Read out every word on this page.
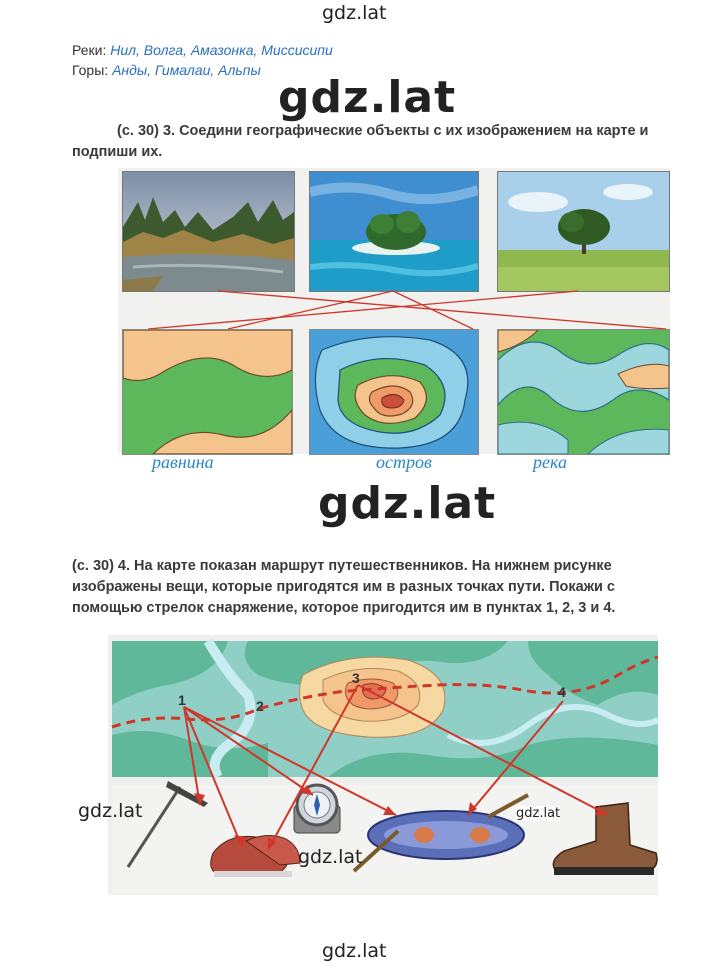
gdz.lat
gdz.lat
gdz.lat
gdz.lat
Реки: Нил, Волга, Амазонка, Миссисипи
Горы: Анды, Гималаи, Альпы
(с. 30) 3. Соедини географические объекты с их изображением на карте и подпиши их.
равнина	остров	река
(с. 30) 4. На карте показан маршрут путешественников. На нижнем рисунке
изображены вещи, которые пригодятся им в разных точках пути. Покажи с
помощью стрелок снаряжение, которое пригодится им в пунктах 1, 2, 3 и 4.
1	2
3
4
gdz.lat
gdz.lat
gdz.lat
